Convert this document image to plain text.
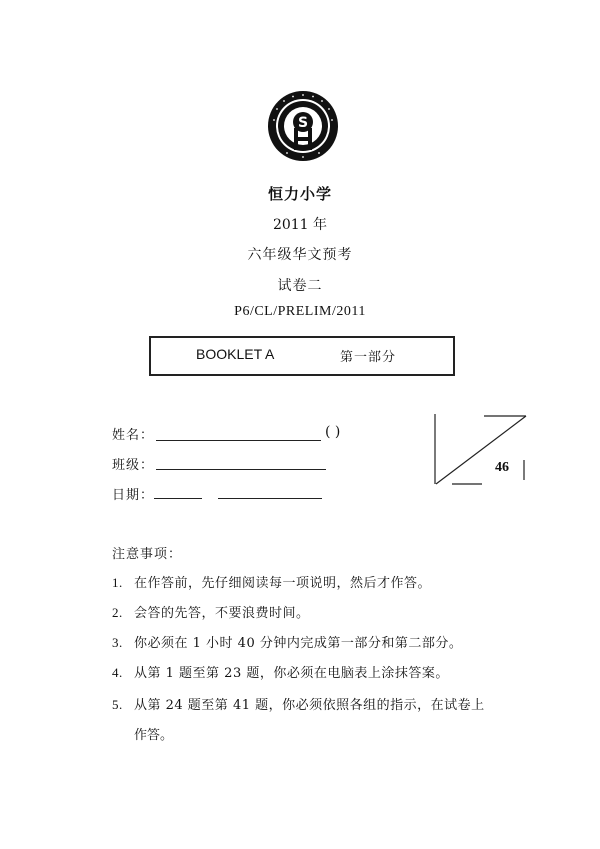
S
恒力小学
2011 年
六年级华文预考
试卷二
P6/CL/PRELIM/2011
BOOKLET A	第一部分
姓名：	( )
班级：
日期：
46
注意事项：
1. 在作答前，先仔细阅读每一项说明，然后才作答。
2. 会答的先答，不要浪费时间。
3. 你必须在 1 小时 40 分钟内完成第一部分和第二部分。
4. 从第 1 题至第 23 题，你必须在电脑表上涂抹答案。
5. 从第 24 题至第 41 题，你必须依照各组的指示，在试卷上
作答。
